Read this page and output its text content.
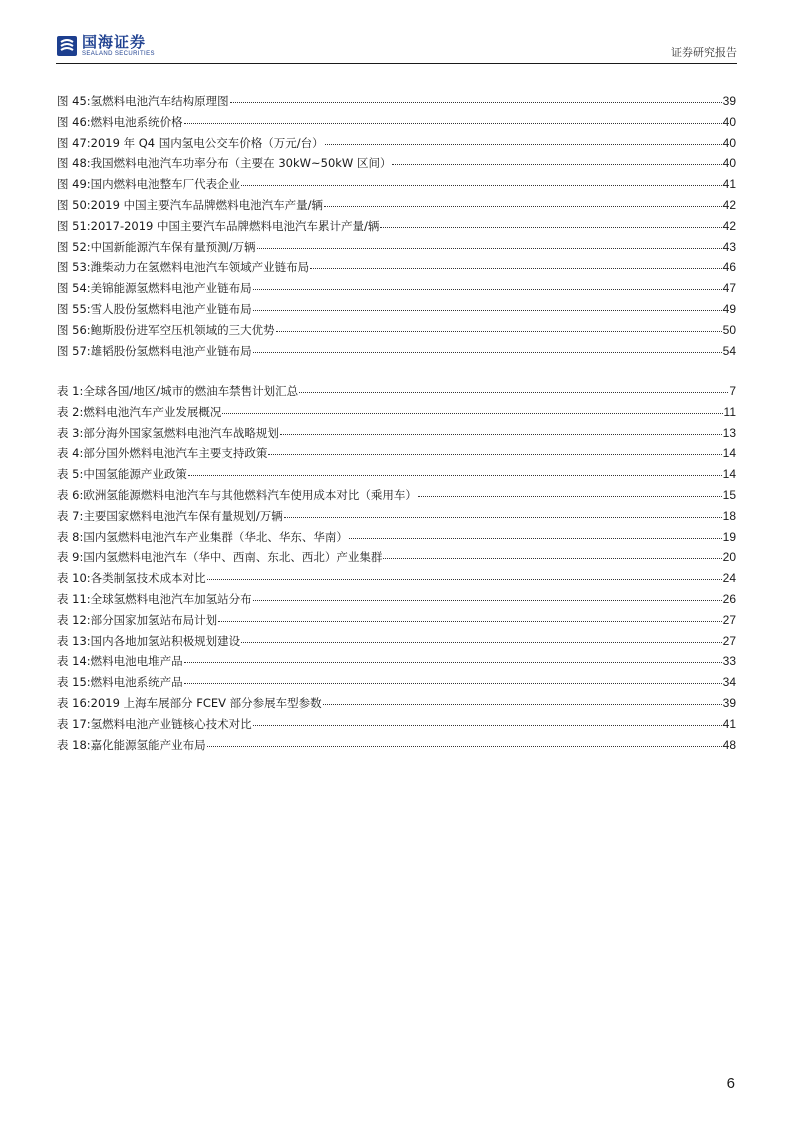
国海证券
SEALAND SECURITIES	证券研究报告
图 45: 氢燃料电池汽车结构原理图	39
图 46: 燃料电池系统价格	40
图 47: 2019 年 Q4 国内氢电公交车价格（万元/台）	40
图 48: 我国燃料电池汽车功率分布（主要在 30kW~50kW 区间）	40
图 49: 国内燃料电池整车厂代表企业	41
图 50: 2019 中国主要汽车品牌燃料电池汽车产量/辆	42
图 51: 2017-2019 中国主要汽车品牌燃料电池汽车累计产量/辆	42
图 52: 中国新能源汽车保有量预测/万辆	43
图 53: 潍柴动力在氢燃料电池汽车领域产业链布局	46
图 54: 美锦能源氢燃料电池产业链布局	47
图 55: 雪人股份氢燃料电池产业链布局	49
图 56: 鲍斯股份进军空压机领域的三大优势	50
图 57: 雄韬股份氢燃料电池产业链布局	54
表 1: 全球各国/地区/城市的燃油车禁售计划汇总	7
表 2: 燃料电池汽车产业发展概况	11
表 3: 部分海外国家氢燃料电池汽车战略规划	13
表 4: 部分国外燃料电池汽车主要支持政策	14
表 5: 中国氢能源产业政策	14
表 6: 欧洲氢能源燃料电池汽车与其他燃料汽车使用成本对比（乘用车）	15
表 7: 主要国家燃料电池汽车保有量规划/万辆	18
表 8: 国内氢燃料电池汽车产业集群（华北、华东、华南）	19
表 9: 国内氢燃料电池汽车（华中、西南、东北、西北）产业集群	20
表 10: 各类制氢技术成本对比	24
表 11: 全球氢燃料电池汽车加氢站分布	26
表 12: 部分国家加氢站布局计划	27
表 13: 国内各地加氢站积极规划建设	27
表 14: 燃料电池电堆产品	33
表 15: 燃料电池系统产品	34
表 16: 2019 上海车展部分 FCEV 部分参展车型参数	39
表 17: 氢燃料电池产业链核心技术对比	41
表 18: 嘉化能源氢能产业布局	48
6
